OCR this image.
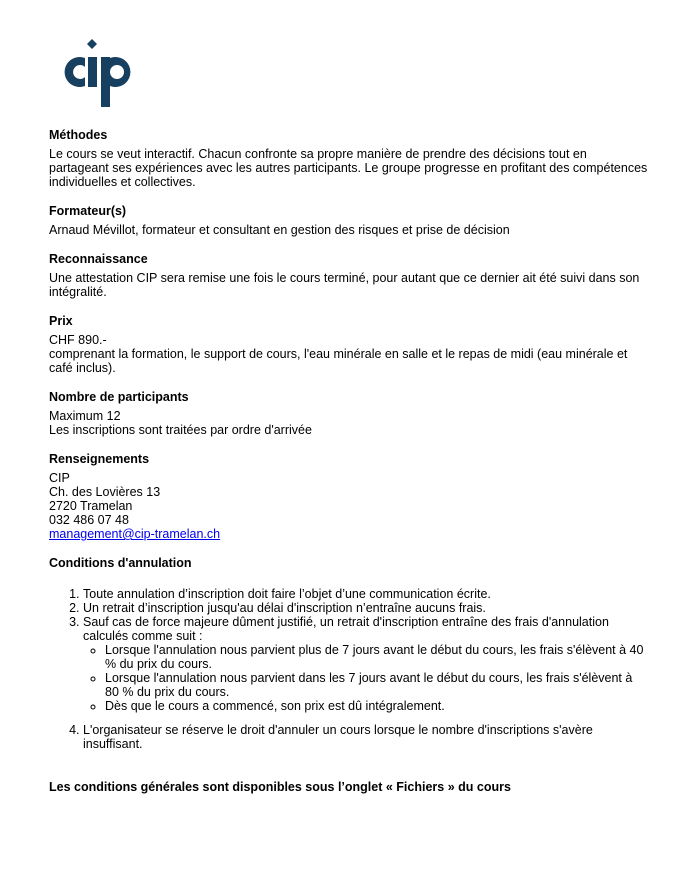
Méthodes

Le cours se veut interactif. Chacun confronte sa propre manière de prendre des décisions tout en partageant ses expériences avec les autres participants. Le groupe progresse en profitant des compétences individuelles et collectives.

Formateur(s)

Arnaud Mévillot, formateur et consultant en gestion des risques et prise de décision

Reconnaissance

Une attestation CIP sera remise une fois le cours terminé, pour autant que ce dernier ait été suivi dans son intégralité.

Prix

CHF 890.-

comprenant la formation, le support de cours, l'eau minérale en salle et le repas de midi (eau minérale et café inclus).

Nombre de participants

Maximum 12

Les inscriptions sont traitées par ordre d'arrivée

Renseignements

CIP

Ch. des Lovières 13

2720 Tramelan

032 486 07 48

management@cip-tramelan.ch

Conditions d'annulation
1. Toute annulation d’inscription doit faire l’objet d’une communication écrite.
2. Un retrait d’inscription jusqu'au délai d'inscription n’entraîne aucuns frais.
3. Sauf cas de force majeure dûment justifié, un retrait d'inscription entraîne des frais d'annulation calculés comme suit :
◦ Lorsque l'annulation nous parvient plus de 7 jours avant le début du cours, les frais s'élèvent à 40 % du prix du cours.
◦ Lorsque l'annulation nous parvient dans les 7 jours avant le début du cours, les frais s'élèvent à 80 % du prix du cours.
◦ Dès que le cours a commencé, son prix est dû intégralement.
4. L'organisateur se réserve le droit d'annuler un cours lorsque le nombre d'inscriptions s'avère insuffisant.

Les conditions générales sont disponibles sous l’onglet « Fichiers » du cours
